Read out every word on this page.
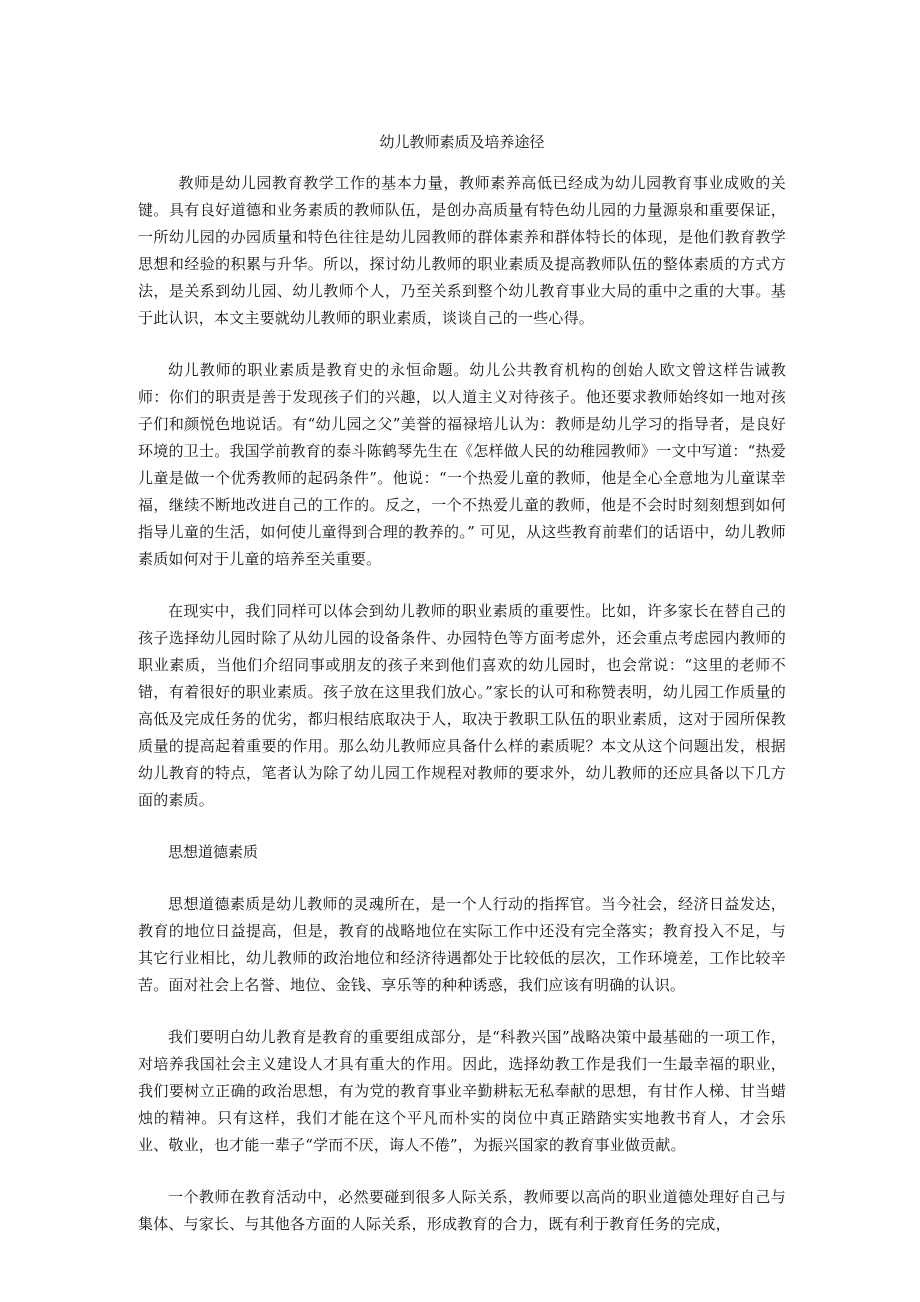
幼儿教师素质及培养途径

教师是幼儿园教育教学工作的基本力量，教师素养高低已经成为幼儿园教育事业成败的关键。具有良好道德和业务素质的教师队伍，是创办高质量有特色幼儿园的力量源泉和重要保证，一所幼儿园的办园质量和特色往往是幼儿园教师的群体素养和群体特长的体现，是他们教育教学思想和经验的积累与升华。所以，探讨幼儿教师的职业素质及提高教师队伍的整体素质的方式方法，是关系到幼儿园、幼儿教师个人，乃至关系到整个幼儿教育事业大局的重中之重的大事。基于此认识，本文主要就幼儿教师的职业素质，谈谈自己的一些心得。

幼儿教师的职业素质是教育史的永恒命题。幼儿公共教育机构的创始人欧文曾这样告诫教师：你们的职责是善于发现孩子们的兴趣，以人道主义对待孩子。他还要求教师始终如一地对孩子们和颜悦色地说话。有“幼儿园之父”美誉的福禄培儿认为：教师是幼儿学习的指导者，是良好环境的卫士。我国学前教育的泰斗陈鹤琴先生在《怎样做人民的幼稚园教师》一文中写道：“热爱儿童是做一个优秀教师的起码条件”。他说：“一个热爱儿童的教师，他是全心全意地为儿童谋幸福，继续不断地改进自己的工作的。反之，一个不热爱儿童的教师，他是不会时时刻刻想到如何指导儿童的生活，如何使儿童得到合理的教养的。” 可见，从这些教育前辈们的话语中，幼儿教师素质如何对于儿童的培养至关重要。

在现实中，我们同样可以体会到幼儿教师的职业素质的重要性。比如，许多家长在替自己的孩子选择幼儿园时除了从幼儿园的设备条件、办园特色等方面考虑外，还会重点考虑园内教师的职业素质，当他们介绍同事或朋友的孩子来到他们喜欢的幼儿园时，也会常说：“这里的老师不错，有着很好的职业素质。孩子放在这里我们放心。”家长的认可和称赞表明，幼儿园工作质量的高低及完成任务的优劣，都归根结底取决于人，取决于教职工队伍的职业素质，这对于园所保教质量的提高起着重要的作用。那么幼儿教师应具备什么样的素质呢？本文从这个问题出发，根据幼儿教育的特点，笔者认为除了幼儿园工作规程对教师的要求外，幼儿教师的还应具备以下几方面的素质。

思想道德素质

思想道德素质是幼儿教师的灵魂所在，是一个人行动的指挥官。当今社会，经济日益发达，教育的地位日益提高，但是，教育的战略地位在实际工作中还没有完全落实；教育投入不足，与其它行业相比，幼儿教师的政治地位和经济待遇都处于比较低的层次，工作环境差，工作比较辛苦。面对社会上名誉、地位、金钱、享乐等的种种诱惑，我们应该有明确的认识。

我们要明白幼儿教育是教育的重要组成部分，是“科教兴国”战略决策中最基础的一项工作，对培养我国社会主义建设人才具有重大的作用。因此，选择幼教工作是我们一生最幸福的职业，我们要树立正确的政治思想，有为党的教育事业辛勤耕耘无私奉献的思想，有甘作人梯、甘当蜡烛的精神。只有这样，我们才能在这个平凡而朴实的岗位中真正踏踏实实地教书育人，才会乐业、敬业，也才能一辈子“学而不厌，诲人不倦”，为振兴国家的教育事业做贡献。

一个教师在教育活动中，必然要碰到很多人际关系，教师要以高尚的职业道德处理好自己与集体、与家长、与其他各方面的人际关系，形成教育的合力，既有利于教育任务的完成，
